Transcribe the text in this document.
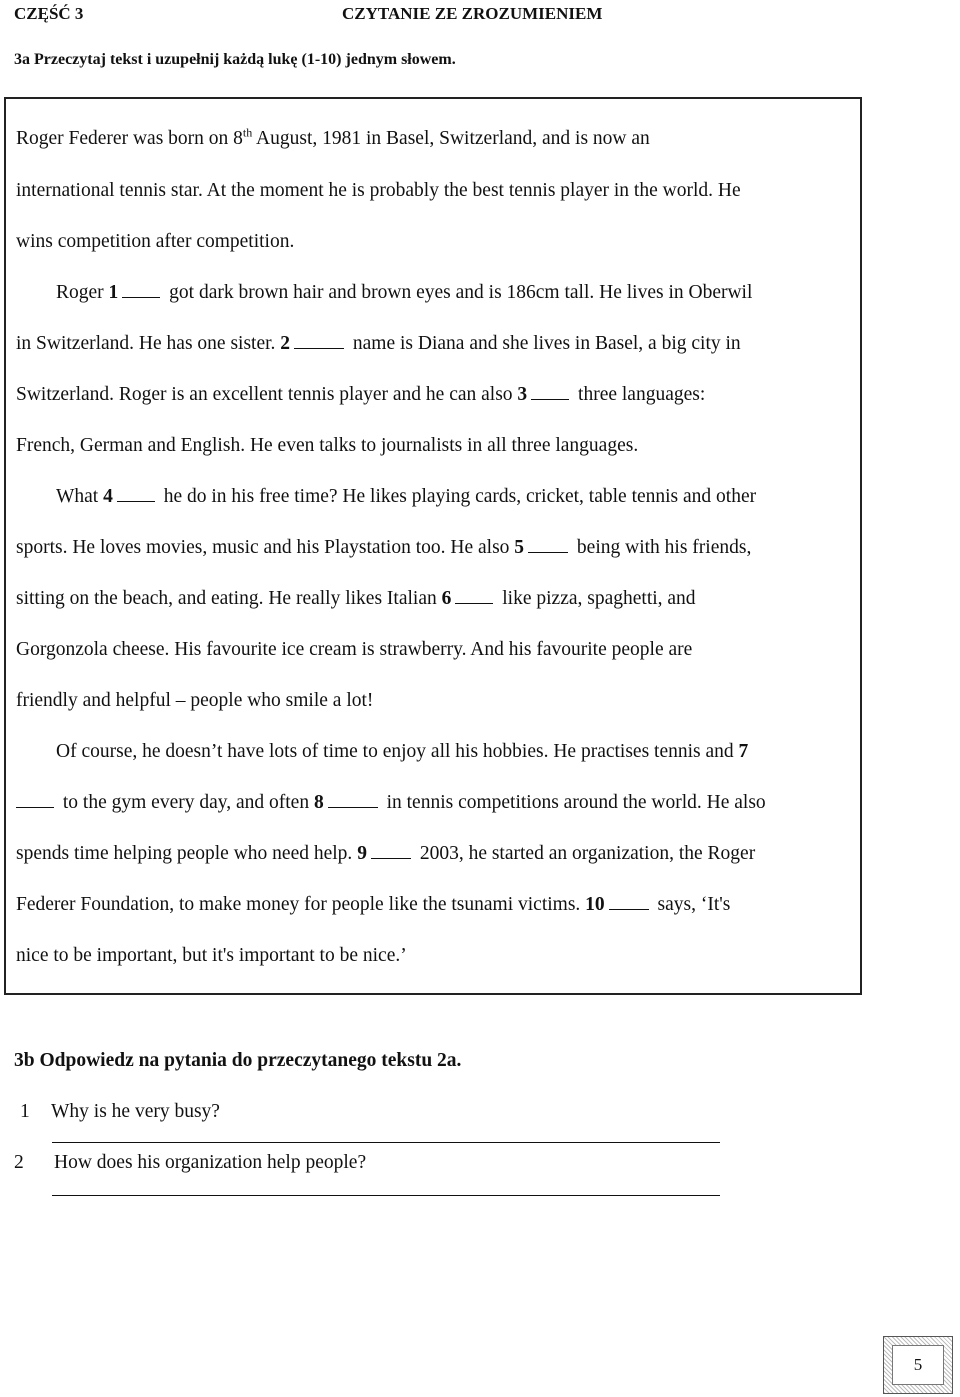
CZĘŚĆ 3	CZYTANIE ZE ZROZUMIENIEM
3a Przeczytaj tekst i uzupełnij każdą lukę (1-10) jednym słowem.
Roger Federer was born on 8th August, 1981 in Basel, Switzerland, and is now an
international tennis star. At the moment he is probably the best tennis player in the world. He
wins competition after competition.
Roger 1 got dark brown hair and brown eyes and is 186cm tall. He lives in Oberwil
in Switzerland. He has one sister. 2	name is Diana and she lives in Basel, a big city in
Switzerland. Roger is an excellent tennis player and he can also 3 three languages:
French, German and English. He even talks to journalists in all three languages.
What 4 he do in his free time? He likes playing cards, cricket, table tennis and other
sports. He loves movies, music and his Playstation too. He also 5 being with his friends,
sitting on the beach, and eating. He really likes Italian 6 like pizza, spaghetti, and
Gorgonzola cheese. His favourite ice cream is strawberry. And his favourite people are
friendly and helpful – people who smile a lot!
Of course, he doesn’t have lots of time to enjoy all his hobbies. He practises tennis and 7
to the gym every day, and often 8	in tennis competitions around the world. He also
spends time helping people who need help. 9 2003, he started an organization, the Roger
Federer Foundation, to make money for people like the tsunami victims. 10 says, ‘It's
nice to be important, but it's important to be nice.’
3b Odpowiedz na pytania do przeczytanego tekstu 2a.
1 Why is he very busy?
2 How does his organization help people?
5
